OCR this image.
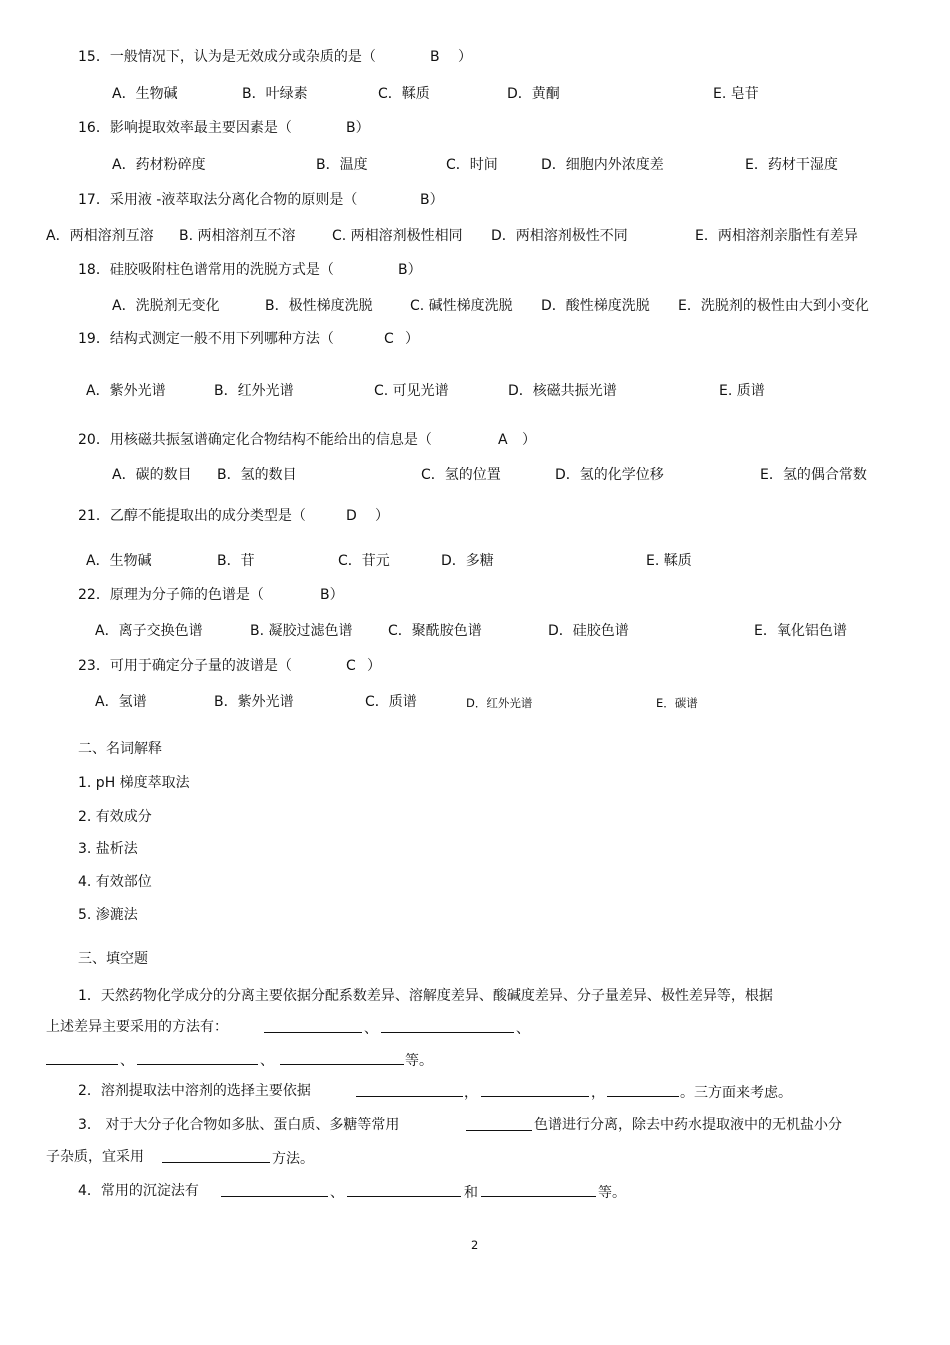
15．一般情况下，认为是无效成分或杂质的是（	B ）
A．生物碱	B．叶绿素	C．鞣质	D．黄酮	E. 皂苷
16．影响提取效率最主要因素是（	B）
A．药材粉碎度	B．温度	C．时间	D．细胞内外浓度差	E．药材干湿度
17．采用液 -液萃取法分离化合物的原则是（	B）
A．两相溶剂互溶 B. 两相溶剂互不溶	C. 两相溶剂极性相同 D．两相溶剂极性不同	E．两相溶剂亲脂性有差异
18．硅胶吸附柱色谱常用的洗脱方式是（	B）
A．洗脱剂无变化	B．极性梯度洗脱	C. 碱性梯度洗脱 D．酸性梯度洗脱 E．洗脱剂的极性由大到小变化
19．结构式测定一般不用下列哪种方法（	C ）
A．紫外光谱	B．红外光谱	C. 可见光谱	D．核磁共振光谱	E. 质谱
20．用核磁共振氢谱确定化合物结构不能给出的信息是（	A ）
A．碳的数目 B．氢的数目	C．氢的位置	D．氢的化学位移	E．氢的偶合常数
21．乙醇不能提取出的成分类型是（	D ）
A．生物碱	B．苷	C．苷元	D．多糖	E. 鞣质
22．原理为分子筛的色谱是（	B）
A．离子交换色谱	B. 凝胶过滤色谱	C．聚酰胺色谱	D．硅胶色谱	E．氧化铝色谱
23．可用于确定分子量的波谱是（	C ）
A．氢谱	B．紫外光谱	C．质谱	D．红外光谱	E．碳谱
二、名词解释
1. pH 梯度萃取法
2. 有效成分
3. 盐析法
4. 有效部位
5. 渗漉法
三、填空题
1．天然药物化学成分的分离主要依据分配系数差异、溶解度差异、酸碱度差异、分子量差异、极性差异等，根据
上述差异主要采用的方法有：	、	、
、	、	等。
2．溶剂提取法中溶剂的选择主要依据	，	，	。三方面来考虑。
3． 对于大分子化合物如多肽、蛋白质、多糖等常用	色谱进行分离，除去中药水提取液中的无机盐小分
子杂质，宜采用	方法。
4．常用的沉淀法有	、	和	等。
2
